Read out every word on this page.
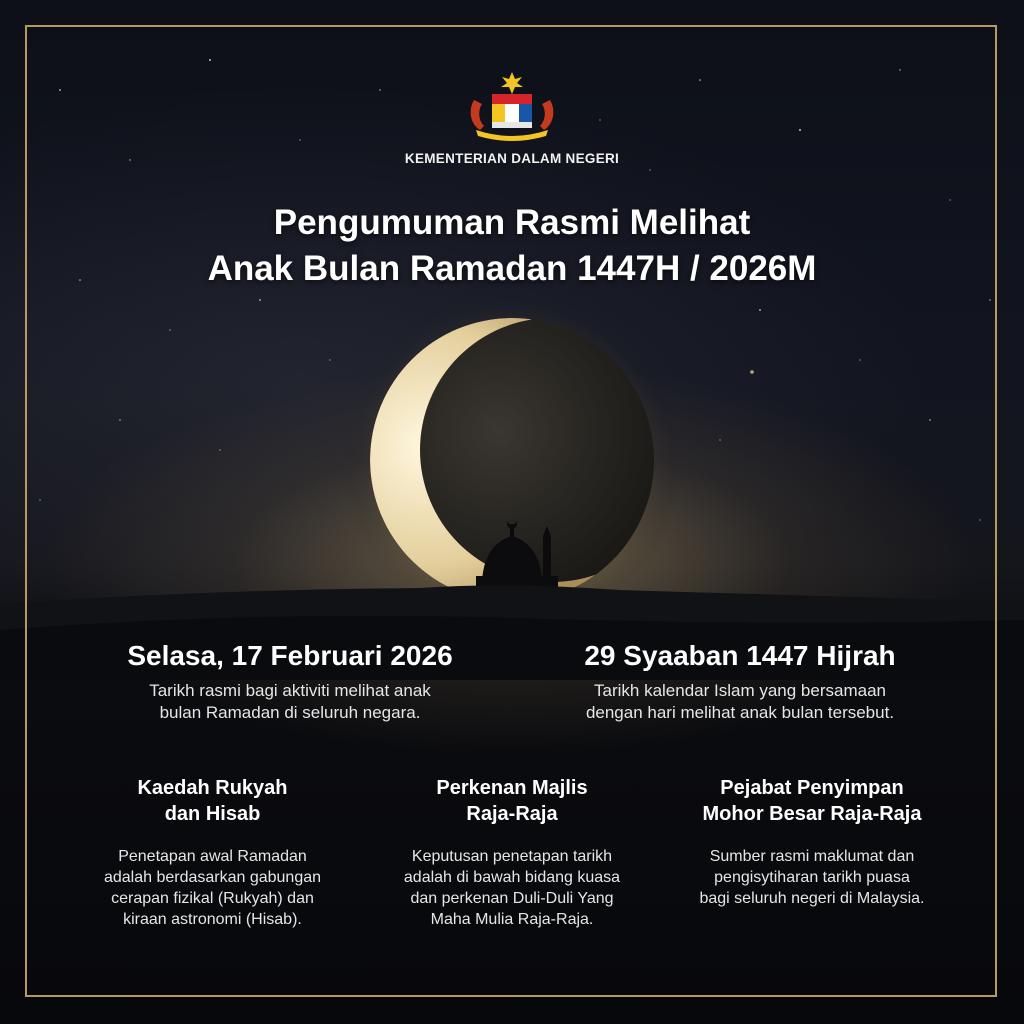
KEMENTERIAN DALAM NEGERI
Pengumuman Rasmi Melihat
Anak Bulan Ramadan 1447H / 2026M
Selasa, 17 Februari 2026
Tarikh rasmi bagi aktiviti melihat anak
bulan Ramadan di seluruh negara.
29 Syaaban 1447 Hijrah
Tarikh kalendar Islam yang bersamaan
dengan hari melihat anak bulan tersebut.
Kaedah Rukyah
dan Hisab
Penetapan awal Ramadan
adalah berdasarkan gabungan
cerapan fizikal (Rukyah) dan
kiraan astronomi (Hisab).
Perkenan Majlis
Raja-Raja
Keputusan penetapan tarikh
adalah di bawah bidang kuasa
dan perkenan Duli-Duli Yang
Maha Mulia Raja-Raja.
Pejabat Penyimpan
Mohor Besar Raja-Raja
Sumber rasmi maklumat dan
pengisytiharan tarikh puasa
bagi seluruh negeri di Malaysia.
